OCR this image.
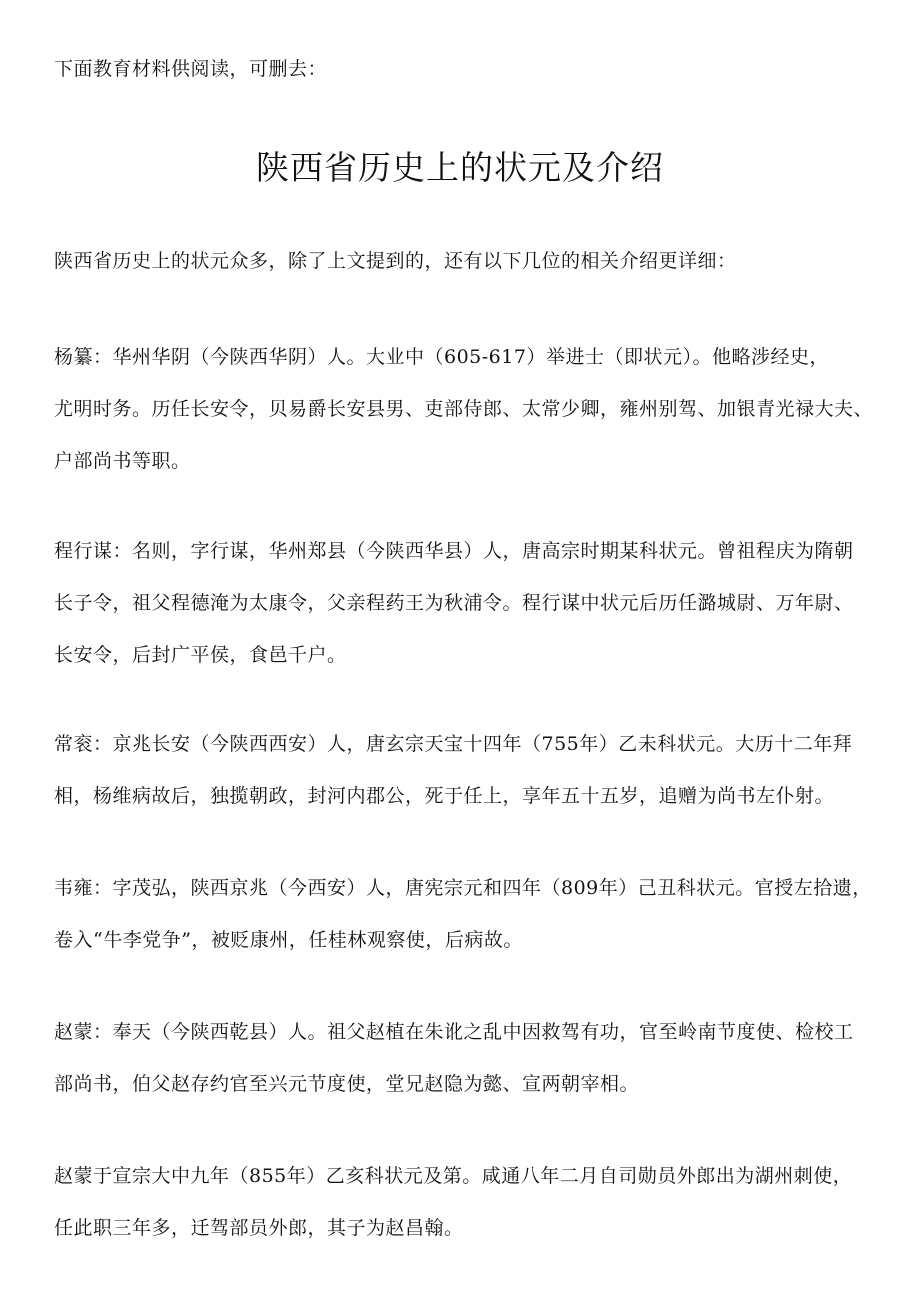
下面教育材料供阅读，可删去：
陕西省历史上的状元及介绍
陕西省历史上的状元众多，除了上文提到的，还有以下几位的相关介绍更详细：
杨纂：华州华阴（今陕西华阴）人。大业中（605-617）举进士（即状元）。他略涉经史，
尤明时务。历任长安令，贝易爵长安县男、吏部侍郎、太常少卿，雍州别驾、加银青光禄大夫、
户部尚书等职。
程行谋：名则，字行谋，华州郑县（今陕西华县）人，唐高宗时期某科状元。曾祖程庆为隋朝
长子令，祖父程德淹为太康令，父亲程药王为秋浦令。程行谋中状元后历任潞城尉、万年尉、
长安令，后封广平侯，食邑千户。
常衮：京兆长安（今陕西西安）人，唐玄宗天宝十四年（755年）乙未科状元。大历十二年拜
相，杨维病故后，独揽朝政，封河内郡公，死于任上，享年五十五岁，追赠为尚书左仆射。
韦雍：字茂弘，陕西京兆（今西安）人，唐宪宗元和四年（809年）己丑科状元。官授左拾遗，
卷入“牛李党争”，被贬康州，任桂林观察使，后病故。
赵蒙：奉天（今陕西乾县）人。祖父赵植在朱讹之乱中因救驾有功，官至岭南节度使、检校工
部尚书，伯父赵存约官至兴元节度使，堂兄赵隐为懿、宣两朝宰相。
赵蒙于宣宗大中九年（855年）乙亥科状元及第。咸通八年二月自司勋员外郎出为湖州刺使，
任此职三年多，迁驾部员外郎，其子为赵昌翰。
